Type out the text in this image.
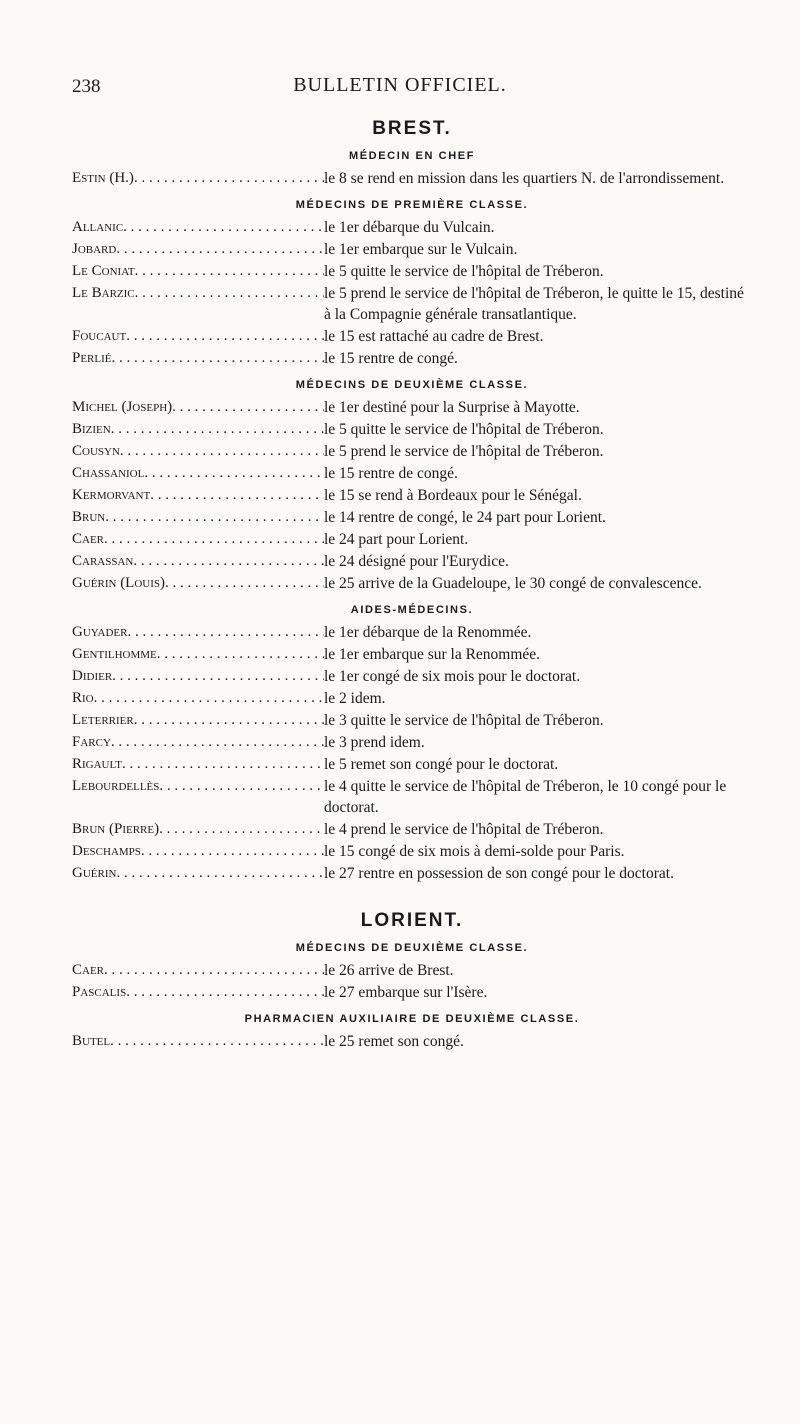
238	BULLETIN OFFICIEL.
BREST.
MÉDECIN EN CHEF
Estin (H.) . . .	le 8 se rend en mission dans les quartiers N. de l'arrondissement.
MÉDECINS DE PREMIÈRE CLASSE.
Allanic . . .	le 1er débarque du Vulcain.
Jobard . . .	le 1er embarque sur le Vulcain.
Le Coniat . . .	le 5 quitte le service de l'hôpital de Tréberon.
Le Barzic . . .	le 5 prend le service de l'hôpital de Tréberon, le quitte le 15, destiné à la Compagnie générale transatlantique.
Foucaut . . .	le 15 est rattaché au cadre de Brest.
Perlié . . .	le 15 rentre de congé.
MÉDECINS DE DEUXIÈME CLASSE.
Michel (Joseph) . . .	le 1er destiné pour la Surprise à Mayotte.
Bizien . . .	le 5 quitte le service de l'hôpital de Tréberon.
Cousyn . . .	le 5 prend le service de l'hôpital de Tréberon.
Chassaniol . . .	le 15 rentre de congé.
Kermorvant . . .	le 15 se rend à Bordeaux pour le Sénégal.
Brun . . .	le 14 rentre de congé, le 24 part pour Lorient.
Caer . . .	le 24 part pour Lorient.
Carassan . . .	le 24 désigné pour l'Eurydice.
Guérin (Louis) . . .	le 25 arrive de la Guadeloupe, le 30 congé de convalescence.
AIDES-MÉDECINS.
Guyader . . .	le 1er débarque de la Renommée.
Gentilhomme . . .	le 1er embarque sur la Renommée.
Didier . . .	le 1er congé de six mois pour le doctorat.
Rio . . .	le 2 idem.
Leterrier . . .	le 3 quitte le service de l'hôpital de Tréberon.
Farcy . . .	le 3 prend idem.
Rigault . . .	le 5 remet son congé pour le doctorat.
Lebourdellès . . .	le 4 quitte le service de l'hôpital de Tréberon, le 10 congé pour le doctorat.
Brun (Pierre) . . .	le 4 prend le service de l'hôpital de Tréberon.
Deschamps . . .	le 15 congé de six mois à demi-solde pour Paris.
Guérin . . .	le 27 rentre en possession de son congé pour le doctorat.
LORIENT.
MÉDECINS DE DEUXIÈME CLASSE.
Caer . . .	le 26 arrive de Brest.
Pascalis . . .	le 27 embarque sur l'Isère.
PHARMACIEN AUXILIAIRE DE DEUXIÈME CLASSE.
Butel . . .	le 25 remet son congé.
